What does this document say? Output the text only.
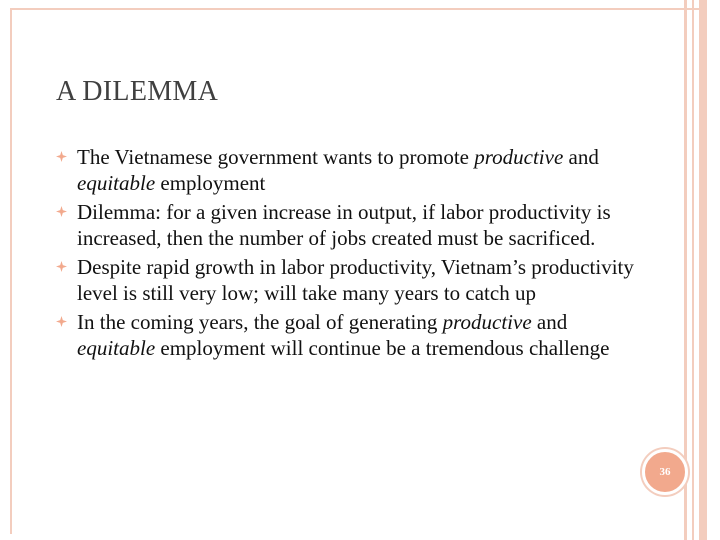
A DILEMMA
The Vietnamese government wants to promote productive and equitable employment
Dilemma: for a given increase in output, if labor productivity is increased, then the number of jobs created must be sacrificed.
Despite rapid growth in labor productivity, Vietnam’s productivity level is still very low; will take many years to catch up
In the coming years, the goal of generating productive and equitable employment will continue be a tremendous challenge
36
